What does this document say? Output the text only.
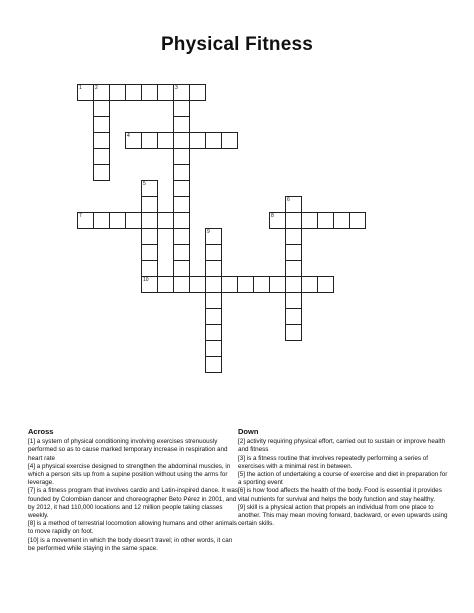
Physical Fitness
1	2	3
4
5
6
7	8
9
10
Across
[1] a system of physical conditioning involving exercises strenuously performed so as to cause marked temporary increase in respiration and heart rate
[4] a physical exercise designed to strengthen the abdominal muscles, in which a person sits up from a supine position without using the arms for leverage.
[7] is a fitness program that involves cardio and Latin-inspired dance. It was founded by Colombian dancer and choreographer Beto Pérez in 2001, and by 2012, it had 110,000 locations and 12 million people taking classes weekly.
[8] is a method of terrestrial locomotion allowing humans and other animals to move rapidly on foot.
[10] is a movement in which the body doesn't travel; in other words, it can be performed while staying in the same space.
Down
[2] activity requiring physical effort, carried out to sustain or improve health and fitness
[3] is a fitness routine that involves repeatedly performing a series of exercises with a minimal rest in between.
[5] the action of undertaking a course of exercise and diet in preparation for a sporting event
[6] is how food affects the health of the body. Food is essential it provides vital nutrients for survival and helps the body function and stay healthy.
[9] skill is a physical action that propels an individual from one place to another. This may mean moving forward, backward, or even upwards using certain skills.
